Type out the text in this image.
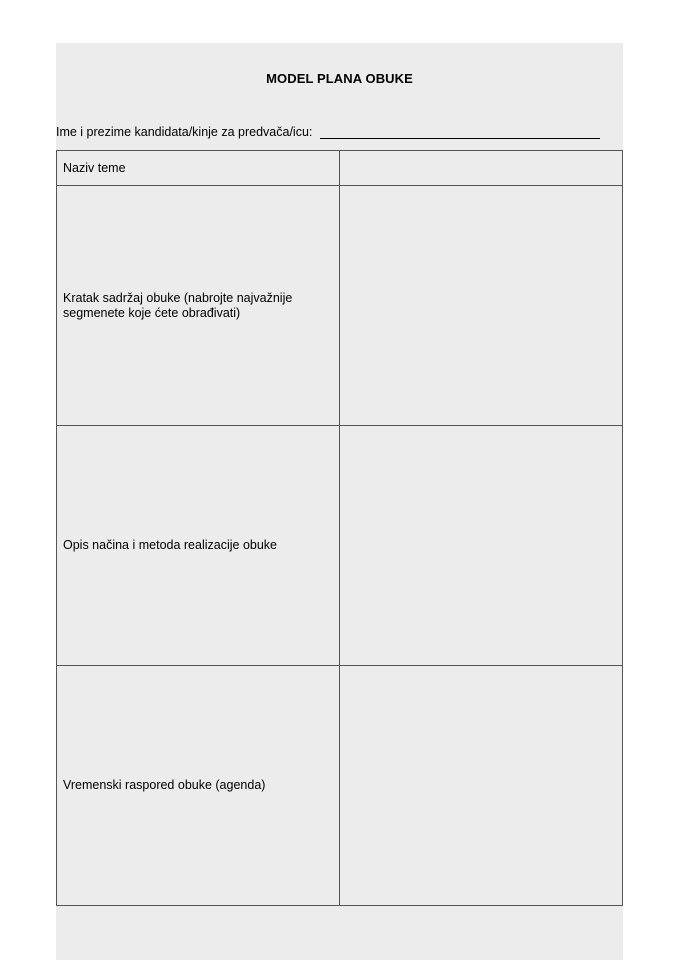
MODEL PLANA OBUKE
Ime i prezime kandidata/kinje za predvača/icu:
Naziv teme	
Kratak sadržaj obuke (nabrojte najvažnije segmenete koje ćete obrađivati)	
Opis načina i metoda realizacije obuke	
Vremenski raspored obuke (agenda)	
